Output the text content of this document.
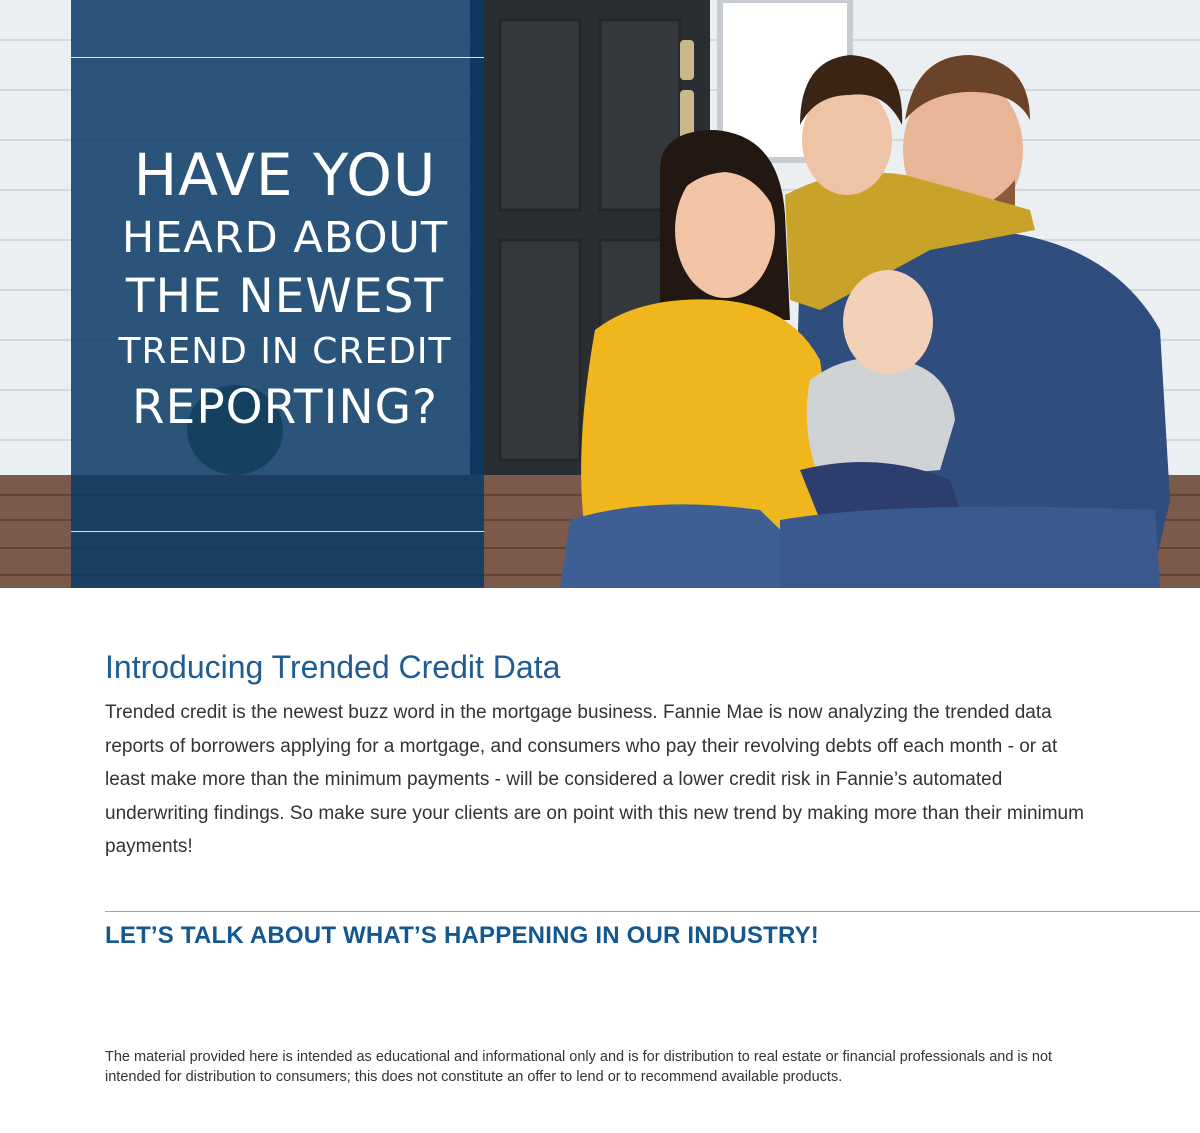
HAVE YOU
HEARD ABOUT
THE NEWEST
TREND IN CREDIT
REPORTING?
Introducing Trended Credit Data

Trended credit is the newest buzz word in the mortgage business. Fannie Mae is now analyzing the trended data reports of borrowers applying for a mortgage, and consumers who pay their revolving debts off each month - or at least make more than the minimum payments - will be considered a lower credit risk in Fannie’s automated underwriting findings. So make sure your clients are on point with this new trend by making more than their minimum payments!

LET’S TALK ABOUT WHAT’S HAPPENING IN OUR INDUSTRY!

The material provided here is intended as educational and informational only and is for distribution to real estate or financial professionals and is not intended for distribution to consumers; this does not constitute an offer to lend or to recommend available products.
